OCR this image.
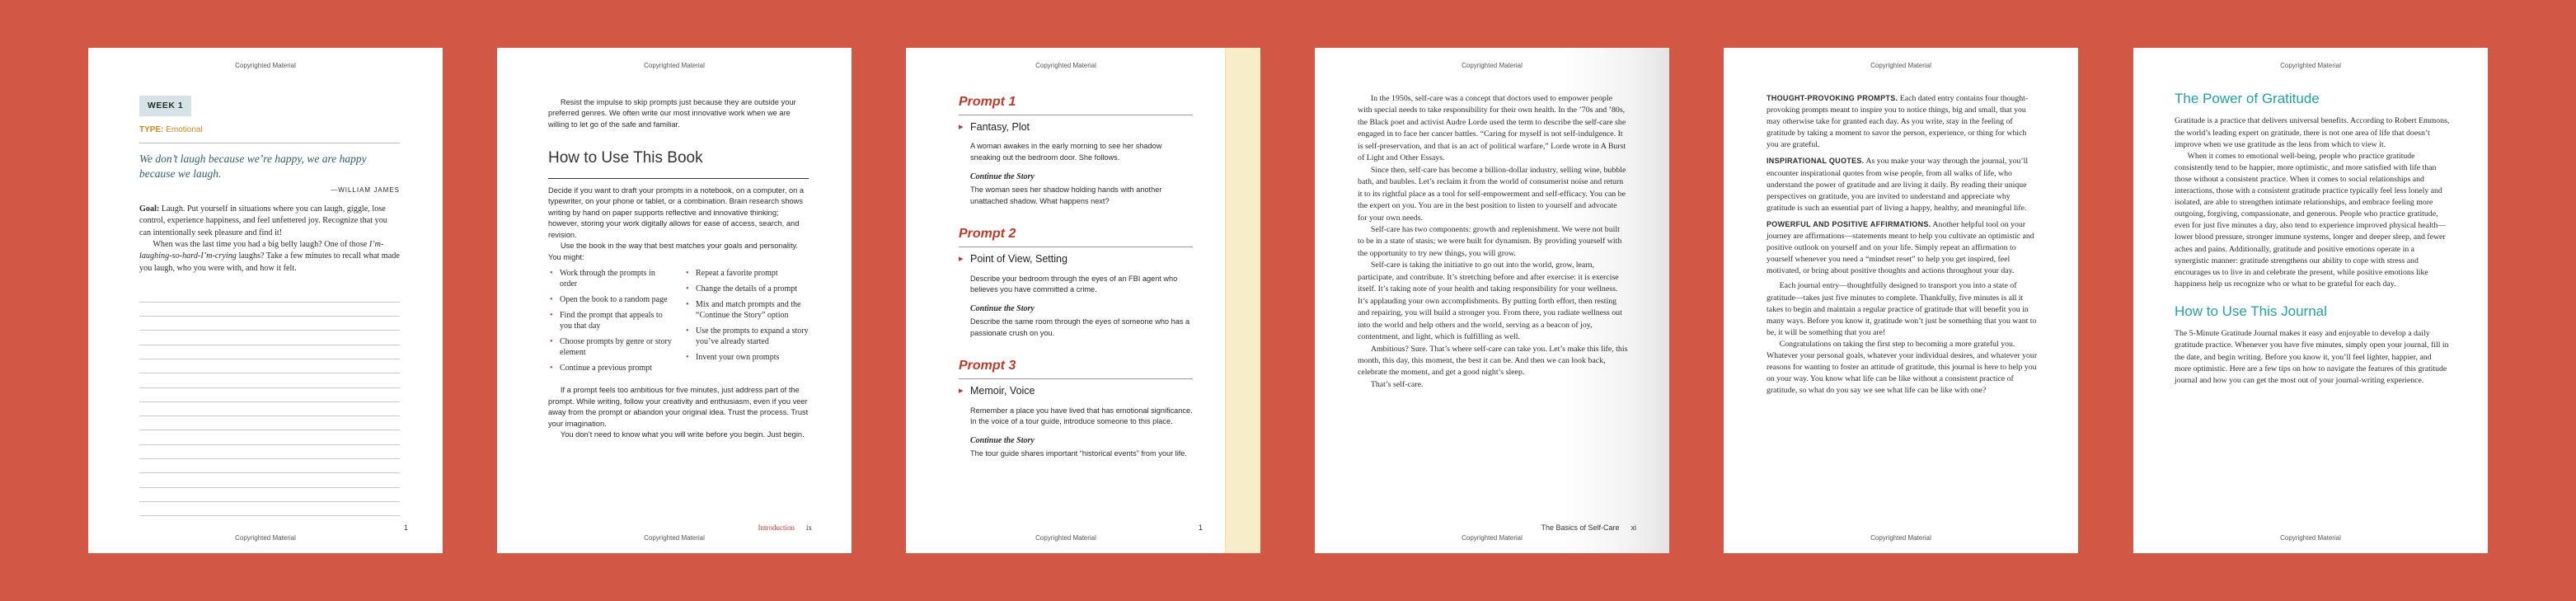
Copyrighted Material
WEEK 1
TYPE: Emotional
We don’t laugh because we’re happy, we are happy because we laugh.
—WILLIAM JAMES

Goal: Laugh. Put yourself in situations where you can laugh, giggle, lose control, experience happiness, and feel unfettered joy. Recognize that you can intentionally seek pleasure and find it!

When was the last time you had a big belly laugh? One of those I’m-laughing-so-hard-I’m-crying laughs? Take a few minutes to recall what made you laugh, who you were with, and how it felt.

1
Copyrighted Material
Copyrighted Material

Resist the impulse to skip prompts just because they are outside your preferred genres. We often write our most innovative work when we are willing to let go of the safe and familiar.

How to Use This Book

Decide if you want to draft your prompts in a notebook, on a computer, on a typewriter, on your phone or tablet, or a combination. Brain research shows writing by hand on paper supports reflective and innovative thinking; however, storing your work digitally allows for ease of access, search, and revision.

Use the book in the way that best matches your goals and personality. You might:

• Work through the prompts in order
• Open the book to a random page
• Find the prompt that appeals to you that day
• Choose prompts by genre or story element
• Continue a previous prompt
• Repeat a favorite prompt
• Change the details of a prompt
• Mix and match prompts and the “Continue the Story” option
• Use the prompts to expand a story you’ve already started
• Invent your own prompts

If a prompt feels too ambitious for five minutes, just address part of the prompt. While writing, follow your creativity and enthusiasm, even if you veer away from the prompt or abandon your original idea. Trust the process. Trust your imagination.

You don’t need to know what you will write before you begin. Just begin.

Introduction ix
Copyrighted Material
Copyrighted Material
Prompt 1
▸ Fantasy, Plot
A woman awakes in the early morning to see her shadow sneaking out the bedroom door. She follows.
Continue the Story
The woman sees her shadow holding hands with another unattached shadow. What happens next?
Prompt 2
▸ Point of View, Setting
Describe your bedroom through the eyes of an FBI agent who believes you have committed a crime.
Continue the Story
Describe the same room through the eyes of someone who has a passionate crush on you.
Prompt 3
▸ Memoir, Voice
Remember a place you have lived that has emotional significance. In the voice of a tour guide, introduce someone to this place.
Continue the Story
The tour guide shares important “historical events” from your life.
1
Copyrighted Material
Copyrighted Material

In the 1950s, self-care was a concept that doctors used to empower people with special needs to take responsibility for their own health. In the ’70s and ’80s, the Black poet and activist Audre Lorde used the term to describe the self-care she engaged in to face her cancer battles. “Caring for myself is not self-indulgence. It is self-preservation, and that is an act of political warfare,” Lorde wrote in A Burst of Light and Other Essays.

Since then, self-care has become a billion-dollar industry, selling wine, bubble bath, and baubles. Let’s reclaim it from the world of consumerist noise and return it to its rightful place as a tool for self-empowerment and self-efficacy. You can be the expert on you. You are in the best position to listen to yourself and advocate for your own needs.

Self-care has two components: growth and replenishment. We were not built to be in a state of stasis; we were built for dynamism. By providing yourself with the opportunity to try new things, you will grow.

Self-care is taking the initiative to go out into the world, grow, learn, participate, and contribute. It’s stretching before and after exercise: it is exercise itself. It’s taking note of your health and taking responsibility for your wellness. It’s applauding your own accomplishments. By putting forth effort, then resting and repairing, you will build a stronger you. From there, you radiate wellness out into the world and help others and the world, serving as a beacon of joy, contentment, and light, which is fulfilling as well.

Ambitious? Sure. That’s where self-care can take you. Let’s make this life, this month, this day, this moment, the best it can be. And then we can look back, celebrate the moment, and get a good night’s sleep.

That’s self-care.

The Basics of Self-Care xi
Copyrighted Material
Copyrighted Material

THOUGHT-PROVOKING PROMPTS. Each dated entry contains four thought-provoking prompts meant to inspire you to notice things, big and small, that you may otherwise take for granted each day. As you write, stay in the feeling of gratitude by taking a moment to savor the person, experience, or thing for which you are grateful.

INSPIRATIONAL QUOTES. As you make your way through the journal, you’ll encounter inspirational quotes from wise people, from all walks of life, who understand the power of gratitude and are living it daily. By reading their unique perspectives on gratitude, you are invited to understand and appreciate why gratitude is such an essential part of living a happy, healthy, and meaningful life.

POWERFUL AND POSITIVE AFFIRMATIONS. Another helpful tool on your journey are affirmations—statements meant to help you cultivate an optimistic and positive outlook on yourself and on your life. Simply repeat an affirmation to yourself whenever you need a “mindset reset” to help you get inspired, feel motivated, or bring about positive thoughts and actions throughout your day.

Each journal entry—thoughtfully designed to transport you into a state of gratitude—takes just five minutes to complete. Thankfully, five minutes is all it takes to begin and maintain a regular practice of gratitude that will benefit you in many ways. Before you know it, gratitude won’t just be something that you want to be, it will be something that you are!

Congratulations on taking the first step to becoming a more grateful you. Whatever your personal goals, whatever your individual desires, and whatever your reasons for wanting to foster an attitude of gratitude, this journal is here to help you on your way. You know what life can be like without a consistent practice of gratitude, so what do you say we see what life can be like with one?

Copyrighted Material
Copyrighted Material
The Power of Gratitude

Gratitude is a practice that delivers universal benefits. According to Robert Emmons, the world’s leading expert on gratitude, there is not one area of life that doesn’t improve when we use gratitude as the lens from which to view it.

When it comes to emotional well-being, people who practice gratitude consistently tend to be happier, more optimistic, and more satisfied with life than those without a consistent practice. When it comes to social relationships and interactions, those with a consistent gratitude practice typically feel less lonely and isolated, are able to strengthen intimate relationships, and embrace feeling more outgoing, forgiving, compassionate, and generous. People who practice gratitude, even for just five minutes a day, also tend to experience improved physical health—lower blood pressure, stronger immune systems, longer and deeper sleep, and fewer aches and pains. Additionally, gratitude and positive emotions operate in a synergistic manner: gratitude strengthens our ability to cope with stress and encourages us to live in and celebrate the present, while positive emotions like happiness help us recognize who or what to be grateful for each day.

How to Use This Journal

The 5-Minute Gratitude Journal makes it easy and enjoyable to develop a daily gratitude practice. Whenever you have five minutes, simply open your journal, fill in the date, and begin writing. Before you know it, you’ll feel lighter, happier, and more optimistic. Here are a few tips on how to navigate the features of this gratitude journal and how you can get the most out of your journal-writing experience.

Copyrighted Material
